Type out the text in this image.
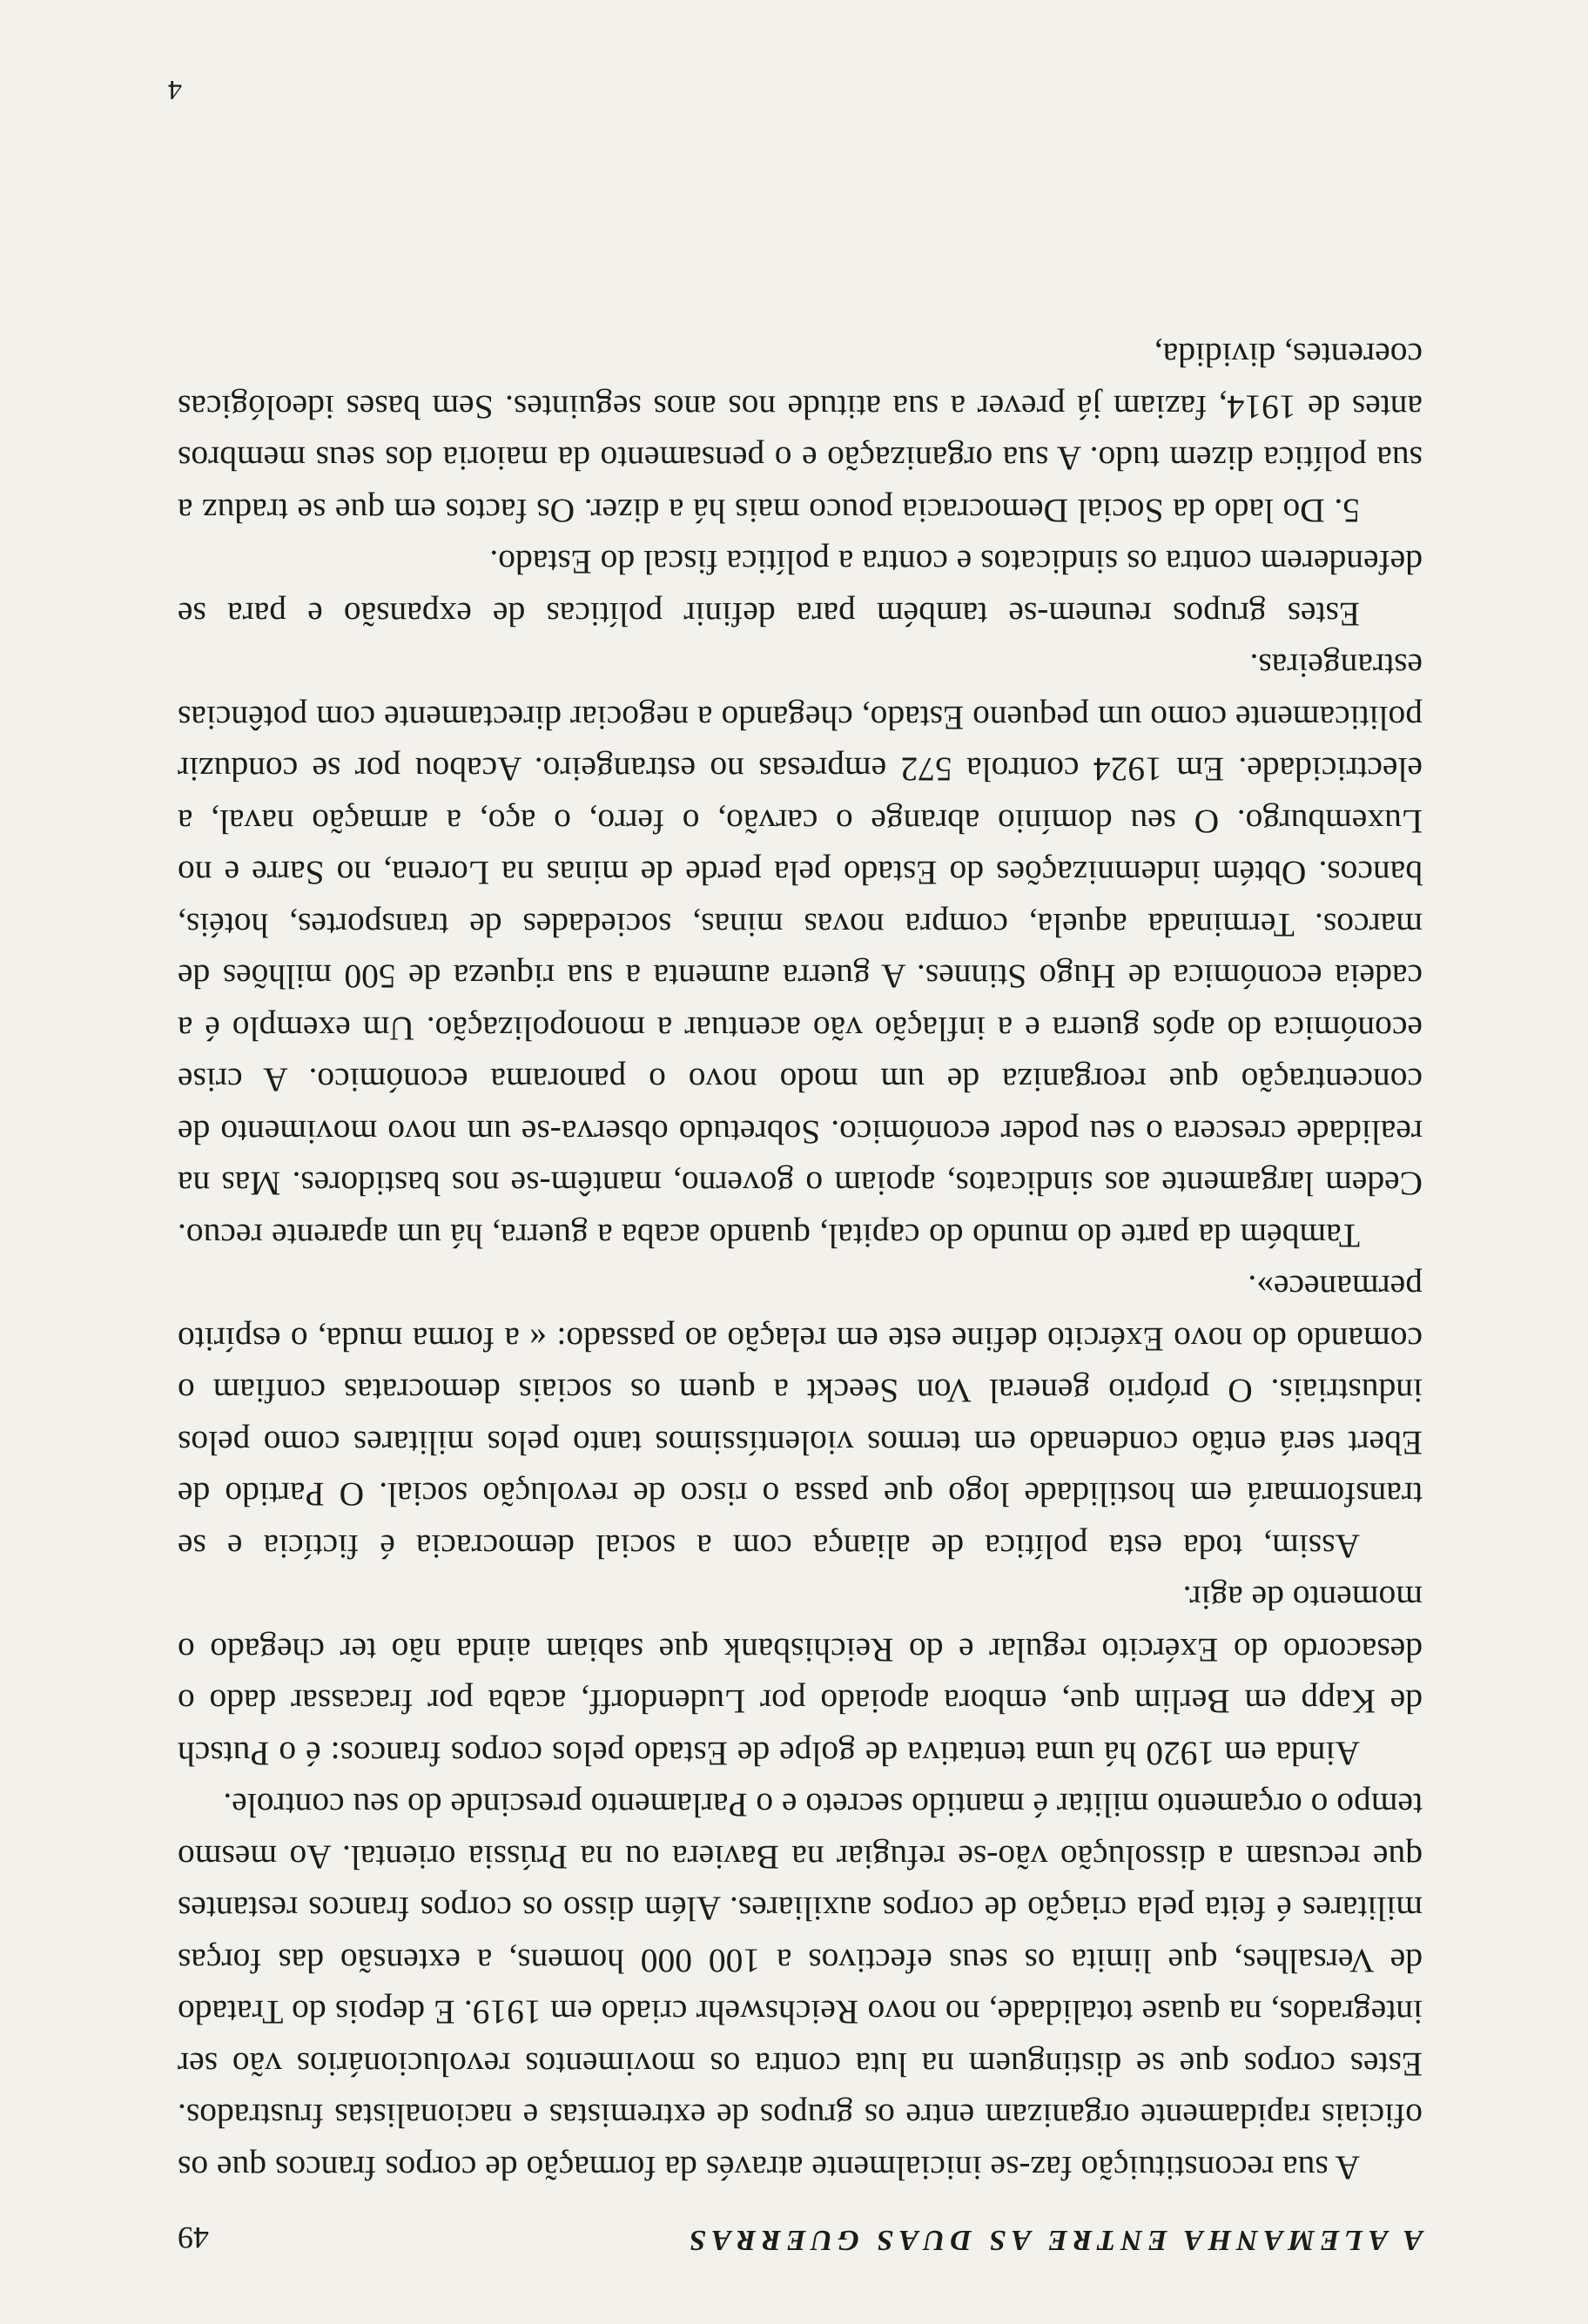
A ALEMANHA ENTRE AS DUAS GUERRAS
49

A sua reconstituição faz-se inicialmente através da formação de corpos francos que os oficiais rapidamente organizam entre os grupos de extremistas e nacionalistas frustrados. Estes corpos que se distinguem na luta contra os movimentos revolucionários vão ser integrados, na quase totalidade, no novo Reichswehr criado em 1919. E depois do Tratado de Versalhes, que limita os seus efectivos a 100 000 homens, a extensão das forças militares é feita pela criação de corpos auxiliares. Além disso os corpos francos restantes que recusam a dissolução vão-se refugiar na Baviera ou na Prússia oriental. Ao mesmo tempo o orçamento militar é mantido secreto e o Parlamento prescinde do seu controle.

Ainda em 1920 há uma tentativa de golpe de Estado pelos corpos francos: é o Putsch de Kapp em Berlim que, embora apoiado por Ludendorff, acaba por fracassar dado o desacordo do Exército regular e do Reichisbank que sabiam ainda não ter chegado o momento de agir.

Assim, toda esta política de aliança com a social democracia é fictícia e se transformará em hostilidade logo que passa o risco de revolução social. O Partido de Ebert será então condenado em termos violentíssimos tanto pelos militares como pelos industriais. O próprio general Von Seeckt a quem os sociais democratas confiam o comando do novo Exército define este em relação ao passado: « a forma muda, o espírito permanece».

Também da parte do mundo do capital, quando acaba a guerra, há um aparente recuo. Cedem largamente aos sindicatos, apoiam o governo, mantêm-se nos bastidores. Mas na realidade crescera o seu poder económico. Sobretudo observa-se um novo movimento de concentração que reorganiza de um modo novo o panorama económico. A crise económica do após guerra e a inflação vão acentuar a monopolização. Um exemplo é a cadeia económica de Hugo Stinnes. A guerra aumenta a sua riqueza de 500 milhões de marcos. Terminada aquela, compra novas minas, sociedades de transportes, hotéis, bancos. Obtém indemnizações do Estado pela perde de minas na Lorena, no Sarre e no Luxemburgo. O seu domínio abrange o carvão, o ferro, o aço, a armação naval, a electricidade. Em 1924 controla 572 empresas no estrangeiro. Acabou por se conduzir politicamente como um pequeno Estado, chegando a negociar directamente com potências estrangeiras.

Estes grupos reunem-se também para definir políticas de expansão e para se defenderem contra os sindicatos e contra a política fiscal do Estado.

5. Do lado da Social Democracia pouco mais há a dizer. Os factos em que se traduz a sua política dizem tudo. A sua organização e o pensamento da maioria dos seus membros antes de 1914, faziam já prever a sua atitude nos anos seguintes. Sem bases ideológicas coerentes, dividida,

4
